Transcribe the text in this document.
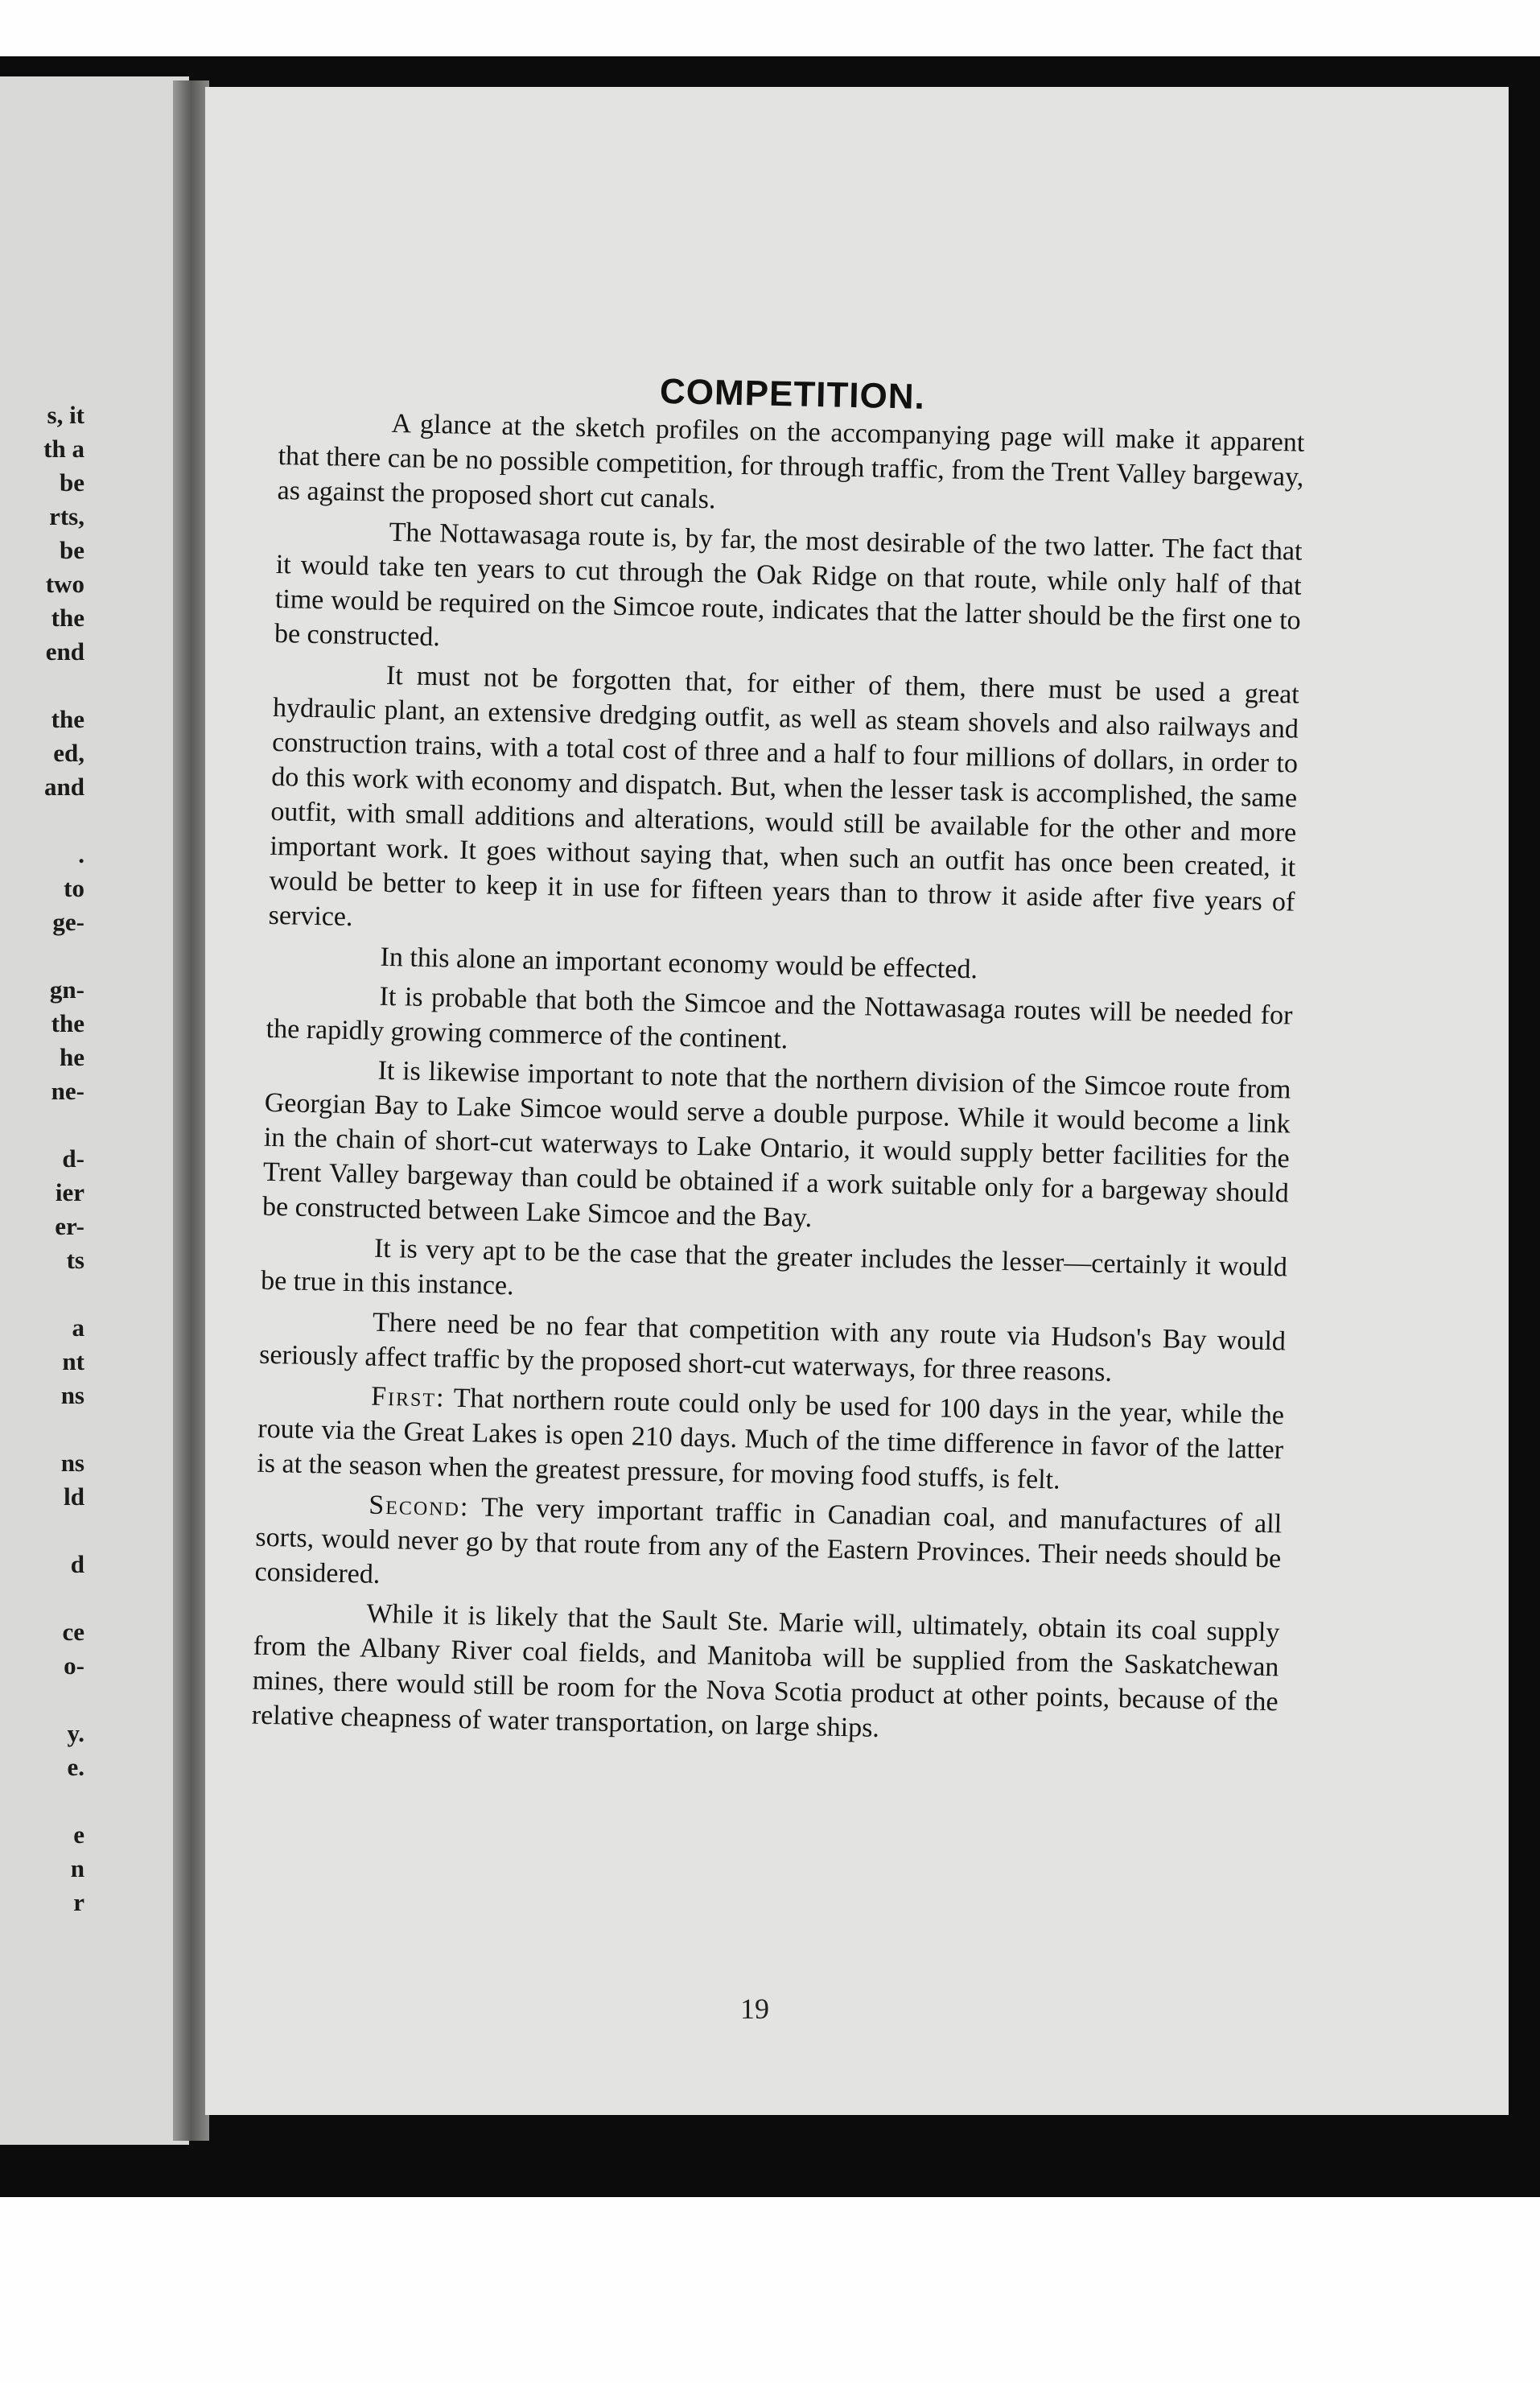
s, it
th a
be
rts,
be
two
the
end
the
ed,
and
.
to
ge-
gn-
the
he
ne-
d-
ier
er-
ts
a
nt
ns
ns
ld
d
ce
o-
y.
e.
e
n
r
COMPETITION.

A glance at the sketch profiles on the accompanying page will make it apparent that there can be no possible competition, for through traffic, from the Trent Valley bargeway, as against the proposed short cut canals.

The Nottawasaga route is, by far, the most desirable of the two latter. The fact that it would take ten years to cut through the Oak Ridge on that route, while only half of that time would be required on the Simcoe route, indicates that the latter should be the first one to be constructed.

It must not be forgotten that, for either of them, there must be used a great hydraulic plant, an extensive dredging outfit, as well as steam shovels and also railways and construction trains, with a total cost of three and a half to four millions of dollars, in order to do this work with economy and dispatch. But, when the lesser task is accomplished, the same outfit, with small additions and alterations, would still be available for the other and more important work. It goes without saying that, when such an outfit has once been created, it would be better to keep it in use for fifteen years than to throw it aside after five years of service.

In this alone an important economy would be effected.

It is probable that both the Simcoe and the Nottawasaga routes will be needed for the rapidly growing commerce of the continent.

It is likewise important to note that the northern division of the Simcoe route from Georgian Bay to Lake Simcoe would serve a double purpose. While it would become a link in the chain of short-cut waterways to Lake Ontario, it would supply better facilities for the Trent Valley bargeway than could be obtained if a work suitable only for a bargeway should be constructed between Lake Simcoe and the Bay.

It is very apt to be the case that the greater includes the lesser—certainly it would be true in this instance.

There need be no fear that competition with any route via Hudson's Bay would seriously affect traffic by the proposed short-cut waterways, for three reasons.

First: That northern route could only be used for 100 days in the year, while the route via the Great Lakes is open 210 days. Much of the time difference in favor of the latter is at the season when the greatest pressure, for moving food stuffs, is felt.

Second: The very important traffic in Canadian coal, and manufactures of all sorts, would never go by that route from any of the Eastern Provinces. Their needs should be considered.

While it is likely that the Sault Ste. Marie will, ultimately, obtain its coal supply from the Albany River coal fields, and Manitoba will be supplied from the Saskatchewan mines, there would still be room for the Nova Scotia product at other points, because of the relative cheapness of water transportation, on large ships.

19
